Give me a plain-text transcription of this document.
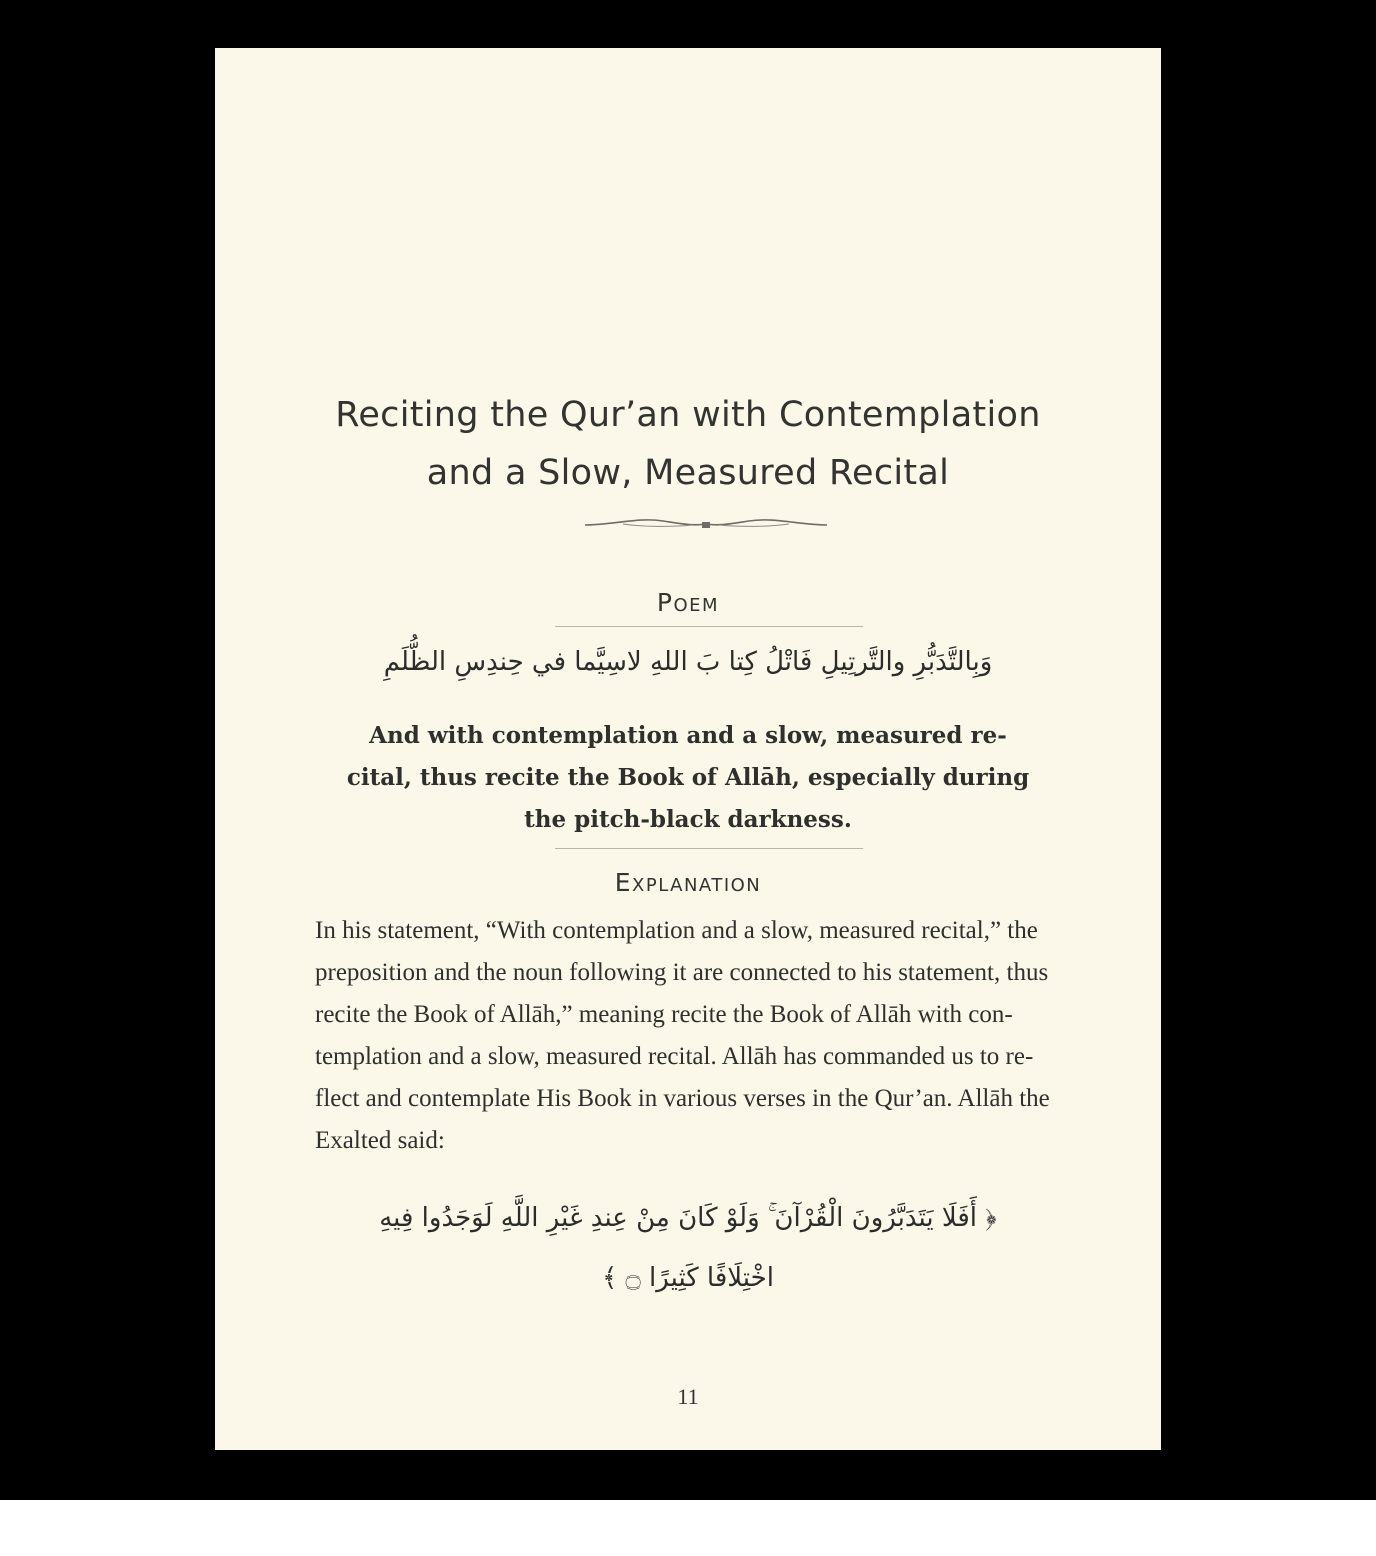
Reciting the Qur’an with Contemplation
and a Slow, Measured Recital
Poem
وَبِالتَّدَبُّرِ والتَّرتِيلِ فَاتْلُ كِتا بَ اللهِ لاسِيَّما في حِندِسِ الظُّلَمِ
And with contemplation and a slow, measured re-
cital, thus recite the Book of Allāh, especially during
the pitch-black darkness.
Explanation
In his statement, “With contemplation and a slow, measured recital,” the
preposition and the noun following it are connected to his statement, thus
recite the Book of Allāh,” meaning recite the Book of Allāh with con-
templation and a slow, measured recital. Allāh has commanded us to re-
flect and contemplate His Book in various verses in the Qur’an. Allāh the
Exalted said:
﴿ أَفَلَا يَتَدَبَّرُونَ الْقُرْآنَ ۚ وَلَوْ كَانَ مِنْ عِندِ غَيْرِ اللَّهِ لَوَجَدُوا فِيهِ
اخْتِلَافًا كَثِيرًا ۝ ﴾
11
